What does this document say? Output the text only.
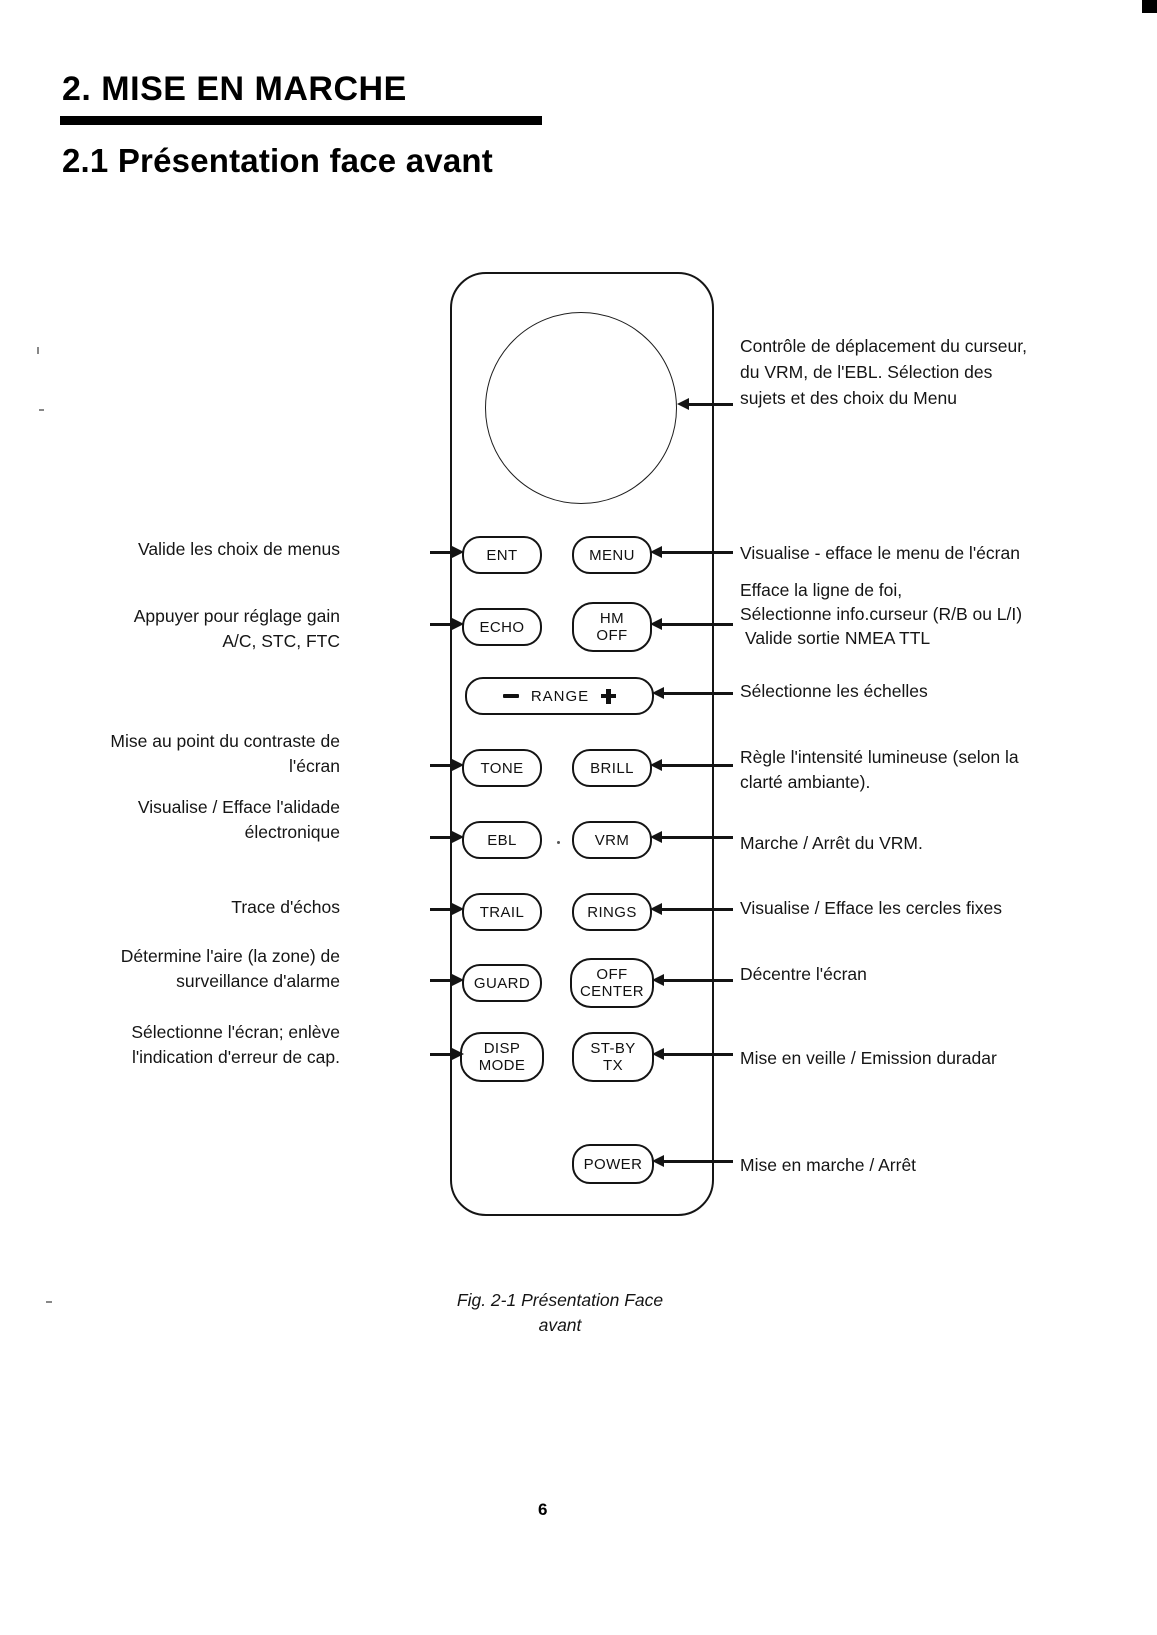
2. MISE EN MARCHE
2.1 Présentation face avant
ENT
ECHO
TONE
EBL
TRAIL
GUARD
DISP
MODE
MENU
HM
OFF
BRILL
VRM
RINGS
OFF
CENTER
ST-BY
TX
POWER
RANGE
Valide les choix de menus
Appuyer pour réglage gain
A/C, STC, FTC
Mise au point du contraste de
l'écran
Visualise / Efface l'alidade
électronique
Trace d'échos
Détermine l'aire (la zone) de
surveillance d'alarme
Sélectionne l'écran; enlève
l'indication d'erreur de cap.
Contrôle de déplacement du curseur,
du VRM, de l'EBL. Sélection des
sujets et des choix du Menu
Visualise - efface le menu de l'écran
Efface la ligne de foi,
Sélectionne info.curseur (R/B ou L/I)
Valide sortie NMEA TTL
Sélectionne les échelles
Règle l'intensité lumineuse (selon la
clarté ambiante).
Marche / Arrêt du VRM.
Visualise / Efface les cercles fixes
Décentre l'écran
Mise en veille / Emission duradar
Mise en marche / Arrêt
Fig. 2-1 Présentation Face
avant
6
